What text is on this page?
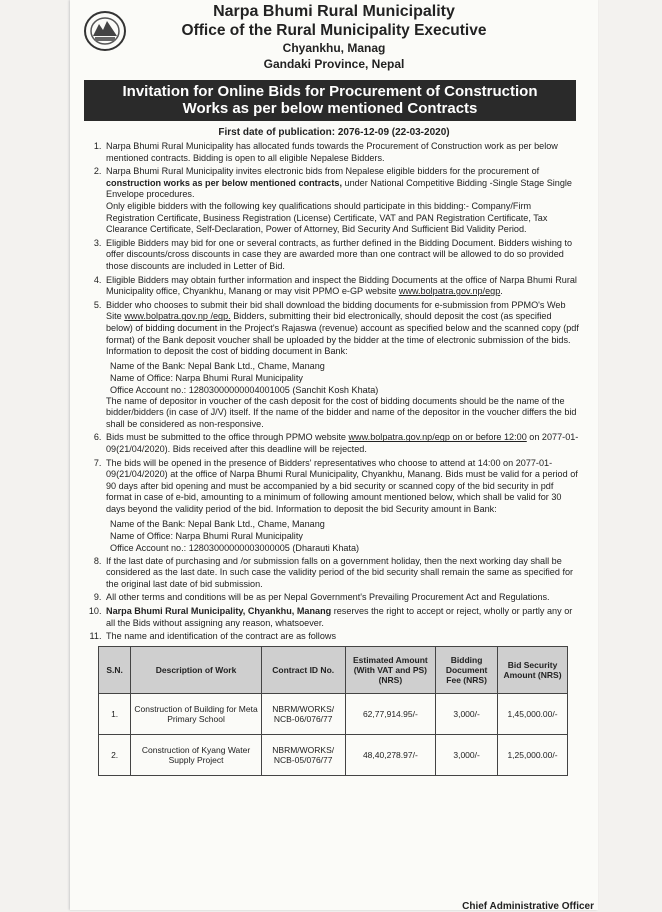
Narpa Bhumi Rural Municipality
Office of the Rural Municipality Executive
Chyankhu, Manag
Gandaki Province, Nepal
Invitation for Online Bids for Procurement of Construction
Works as per below mentioned Contracts
First date of publication: 2076-12-09 (22-03-2020)
1. Narpa Bhumi Rural Municipality has allocated funds towards the Procurement of Construction work as per below mentioned contracts. Bidding is open to all eligible Nepalese Bidders.
2. Narpa Bhumi Rural Municipality invites electronic bids from Nepalese eligible bidders for the procurement of construction works as per below mentioned contracts, under National Competitive Bidding -Single Stage Single Envelope procedures.
Only eligible bidders with the following key qualifications should participate in this bidding:- Company/Firm Registration Certificate, Business Registration (License) Certificate, VAT and PAN Registration Certificate, Tax Clearance Certificate, Self-Declaration, Power of Attorney, Bid Security And Sufficient Bid Validity Period.
3. Eligible Bidders may bid for one or several contracts, as further defined in the Bidding Document. Bidders wishing to offer discounts/cross discounts in case they are awarded more than one contract will be allowed to do so provided those discounts are included in Letter of Bid.
4. Eligible Bidders may obtain further information and inspect the Bidding Documents at the office of Narpa Bhumi Rural Municipality office, Chyankhu, Manang or may visit PPMO e-GP website www.bolpatra.gov.np/egp.
5. Bidder who chooses to submit their bid shall download the bidding documents for e-submission from PPMO's Web Site www.bolpatra.gov.np /egp. Bidders, submitting their bid electronically, should deposit the cost (as specified below) of bidding document in the Project's Rajaswa (revenue) account as specified below and the scanned copy (pdf format) of the Bank deposit voucher shall be uploaded by the bidder at the time of electronic submission of the bids. Information to deposit the cost of bidding document in Bank:
Name of the Bank: Nepal Bank Ltd., Chame, Manang
Name of Office: Narpa Bhumi Rural Municipality
Office Account no.: 12803000000004001005 (Sanchit Kosh Khata)
The name of depositor in voucher of the cash deposit for the cost of bidding documents should be the name of the bidder/bidders (in case of J/V) itself. If the name of the bidder and name of the depositor in the voucher differs the bid shall be considered as non-responsive.
6. Bids must be submitted to the office through PPMO website www.bolpatra.gov.np/egp on or before 12:00 on 2077-01-09(21/04/2020). Bids received after this deadline will be rejected.
7. The bids will be opened in the presence of Bidders' representatives who choose to attend at 14:00 on 2077-01-09(21/04/2020) at the office of Narpa Bhumi Rural Municipality, Chyankhu, Manang. Bids must be valid for a period of 90 days after bid opening and must be accompanied by a bid security or scanned copy of the bid security in pdf format in case of e-bid, amounting to a minimum of following amount mentioned below, which shall be valid for 30 days beyond the validity period of the bid. Information to deposit the bid Security amount in Bank:
Name of the Bank: Nepal Bank Ltd., Chame, Manang
Name of Office: Narpa Bhumi Rural Municipality
Office Account no.: 12803000000003000005 (Dharauti Khata)
8. If the last date of purchasing and /or submission falls on a government holiday, then the next working day shall be considered as the last date. In such case the validity period of the bid security shall remain the same as specified for the original last date of bid submission.
9. All other terms and conditions will be as per Nepal Government's Prevailing Procurement Act and Regulations.
10. Narpa Bhumi Rural Municipality, Chyankhu, Manang reserves the right to accept or reject, wholly or partly any or all the Bids without assigning any reason, whatsoever.
11. The name and identification of the contract are as follows
S.N.	Description of Work	Contract ID No.	Estimated Amount (With VAT and PS) (NRS)	Bidding Document Fee (NRS)	Bid Security Amount (NRS)
1.	Construction of Building for Meta Primary School	NBRM/WORKS/ NCB-06/076/77	62,77,914.95/-	3,000/-	1,45,000.00/-
2.	Construction of Kyang Water Supply Project	NBRM/WORKS/ NCB-05/076/77	48,40,278.97/-	3,000/-	1,25,000.00/-
Chief Administrative Officer
